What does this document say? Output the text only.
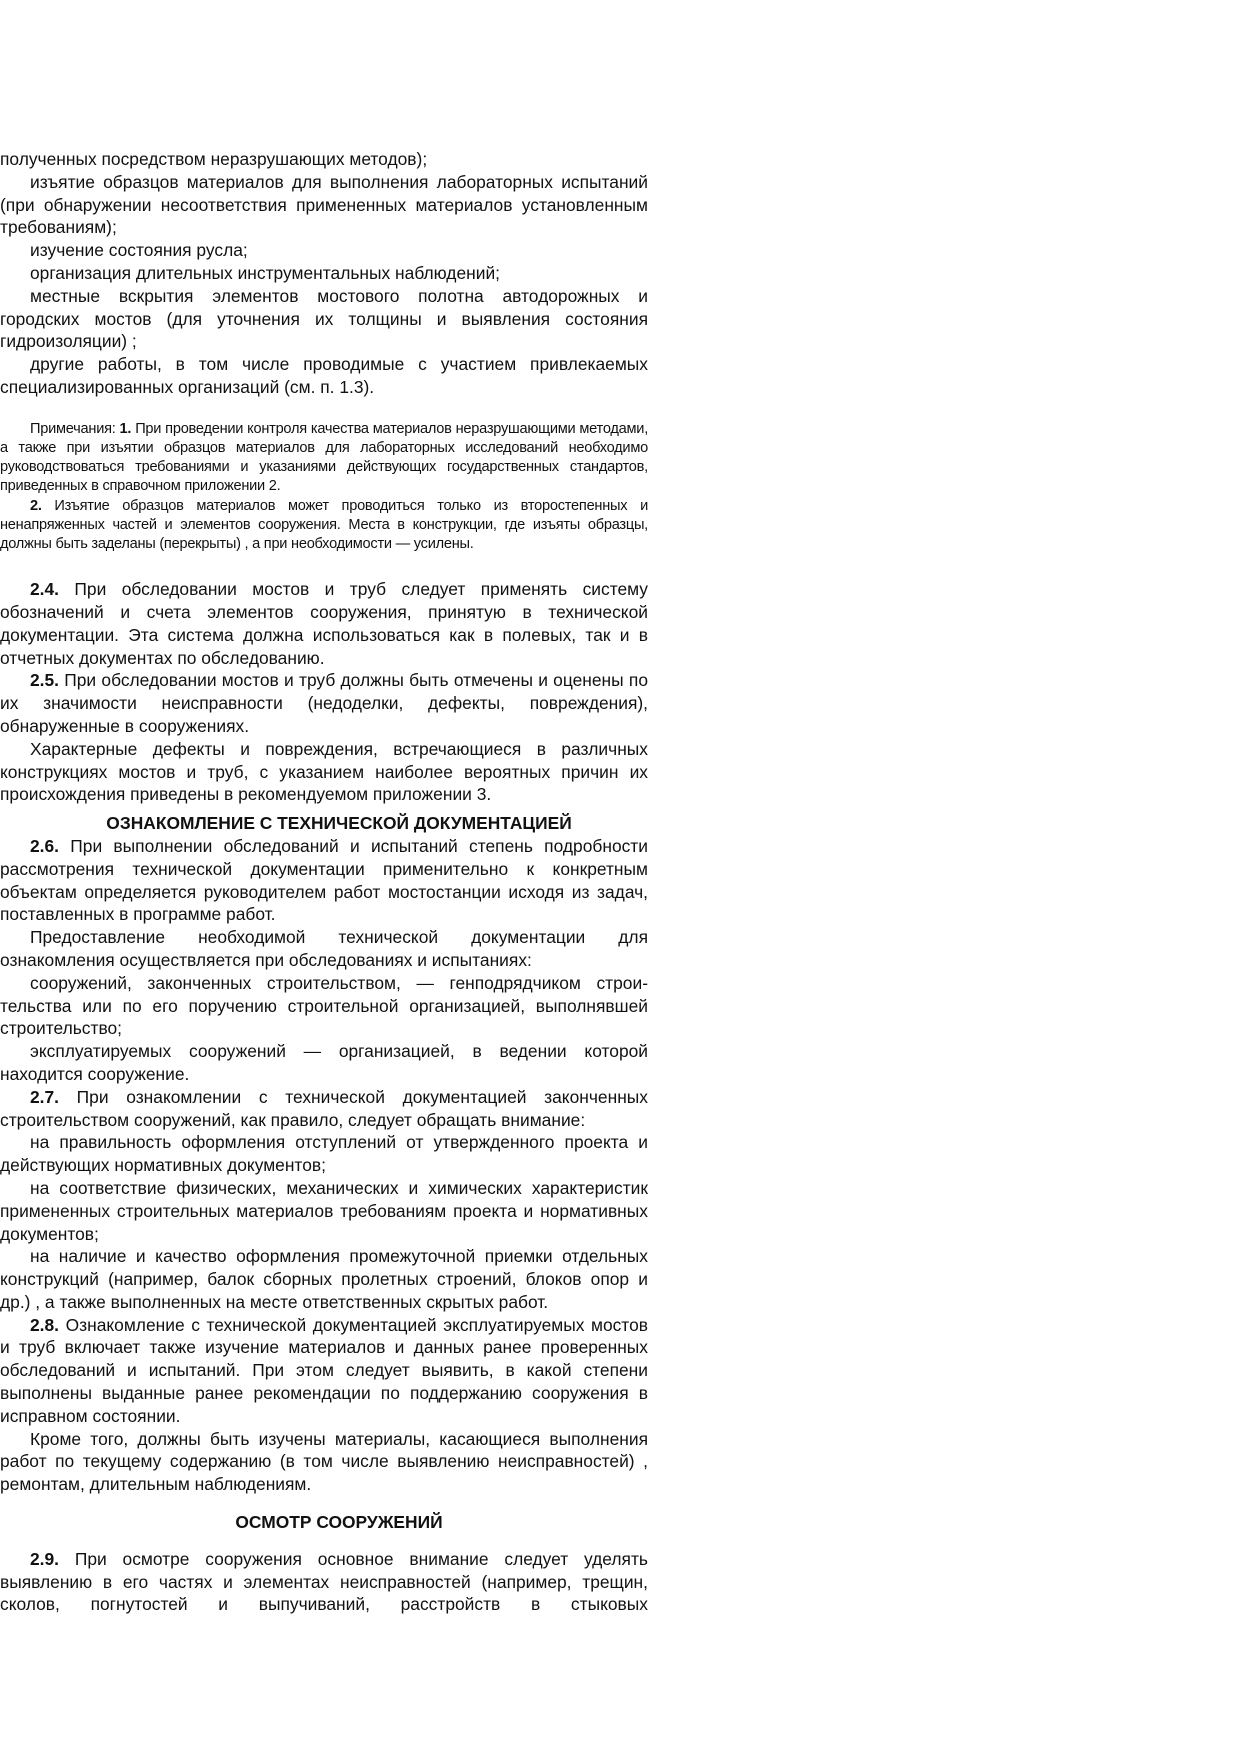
полученных посредством неразрушающих методов);

изъятие образцов материалов для выполнения лабораторных испытаний (при обнаружении несоответствия примененных материалов установленным требованиям);

изучение состояния русла;

организация длительных инструментальных наблюдений;

местные вскрытия элементов мостового полотна автодорожных и городских мостов (для уточнения их толщины и выявления состояния гидроизоляции) ;

другие работы, в том числе проводимые с участием привлекаемых специализированных организаций (см. п. 1.3).

Примечания: 1. При проведении контроля качества материалов неразрушающими методами, а также при изъятии образцов материалов для лабораторных исследований необходимо руководствоваться требованиями и указаниями действующих государственных стандартов, приведенных в справочном приложении 2.

2. Изъятие образцов материалов может проводиться только из второстепенных и ненапряженных частей и элементов сооружения. Места в конструкции, где изъяты образцы, должны быть заделаны (перекрыты) , а при необходимости — усилены.

2.4. При обследовании мостов и труб следует применять систему обозначений и счета элементов сооружения, принятую в технической документации. Эта система должна использоваться как в полевых, так и в отчетных документах по обследованию.

2.5. При обследовании мостов и труб должны быть отмечены и оценены по их значимости неисправности (недоделки, дефекты, повреждения), обнаруженные в сооружениях.

Характерные дефекты и повреждения, встречающиеся в различных конструкциях мостов и труб, с указанием наиболее вероятных причин их происхождения приведены в рекомендуемом приложении 3.

ОЗНАКОМЛЕНИЕ С ТЕХНИЧЕСКОЙ ДОКУМЕНТАЦИЕЙ

2.6. При выполнении обследований и испытаний степень подробности рассмотрения технической документации применительно к конкретным объектам определяется руководителем работ мостостанции исходя из задач, поставленных в программе работ.

Предоставление необходимой технической документации для ознакомления осуществляется при обследованиях и испытаниях:

сооружений, законченных строительством, — генподрядчиком строительства или по его поручению строительной организацией, выполнявшей строительство;

эксплуатируемых сооружений — организацией, в ведении которой находится сооружение.

2.7. При ознакомлении с технической документацией законченных строительством сооружений, как правило, следует обращать внимание:

на правильность оформления отступлений от утвержденного проекта и действующих нормативных документов;

на соответствие физических, механических и химических характеристик примененных строительных материалов требованиям проекта и нормативных документов;

на наличие и качество оформления промежуточной приемки отдельных конструкций (например, балок сборных пролетных строений, блоков опор и др.) , а также выполненных на месте ответственных скрытых работ.

2.8. Ознакомление с технической документацией эксплуатируемых мостов и труб включает также изучение материалов и данных ранее проверенных обследований и испытаний. При этом следует выявить, в какой степени выполнены выданные ранее рекомендации по поддержанию сооружения в исправном состоянии.

Кроме того, должны быть изучены материалы, касающиеся выполнения работ по текущему содержанию (в том числе выявлению неисправностей) , ремонтам, длительным наблюдениям.

ОСМОТР СООРУЖЕНИЙ

2.9. При осмотре сооружения основное внимание следует уделять выявлению в его частях и элементах неисправностей (например, трещин, сколов, погнутостей и выпучиваний, расстройств в стыковых
